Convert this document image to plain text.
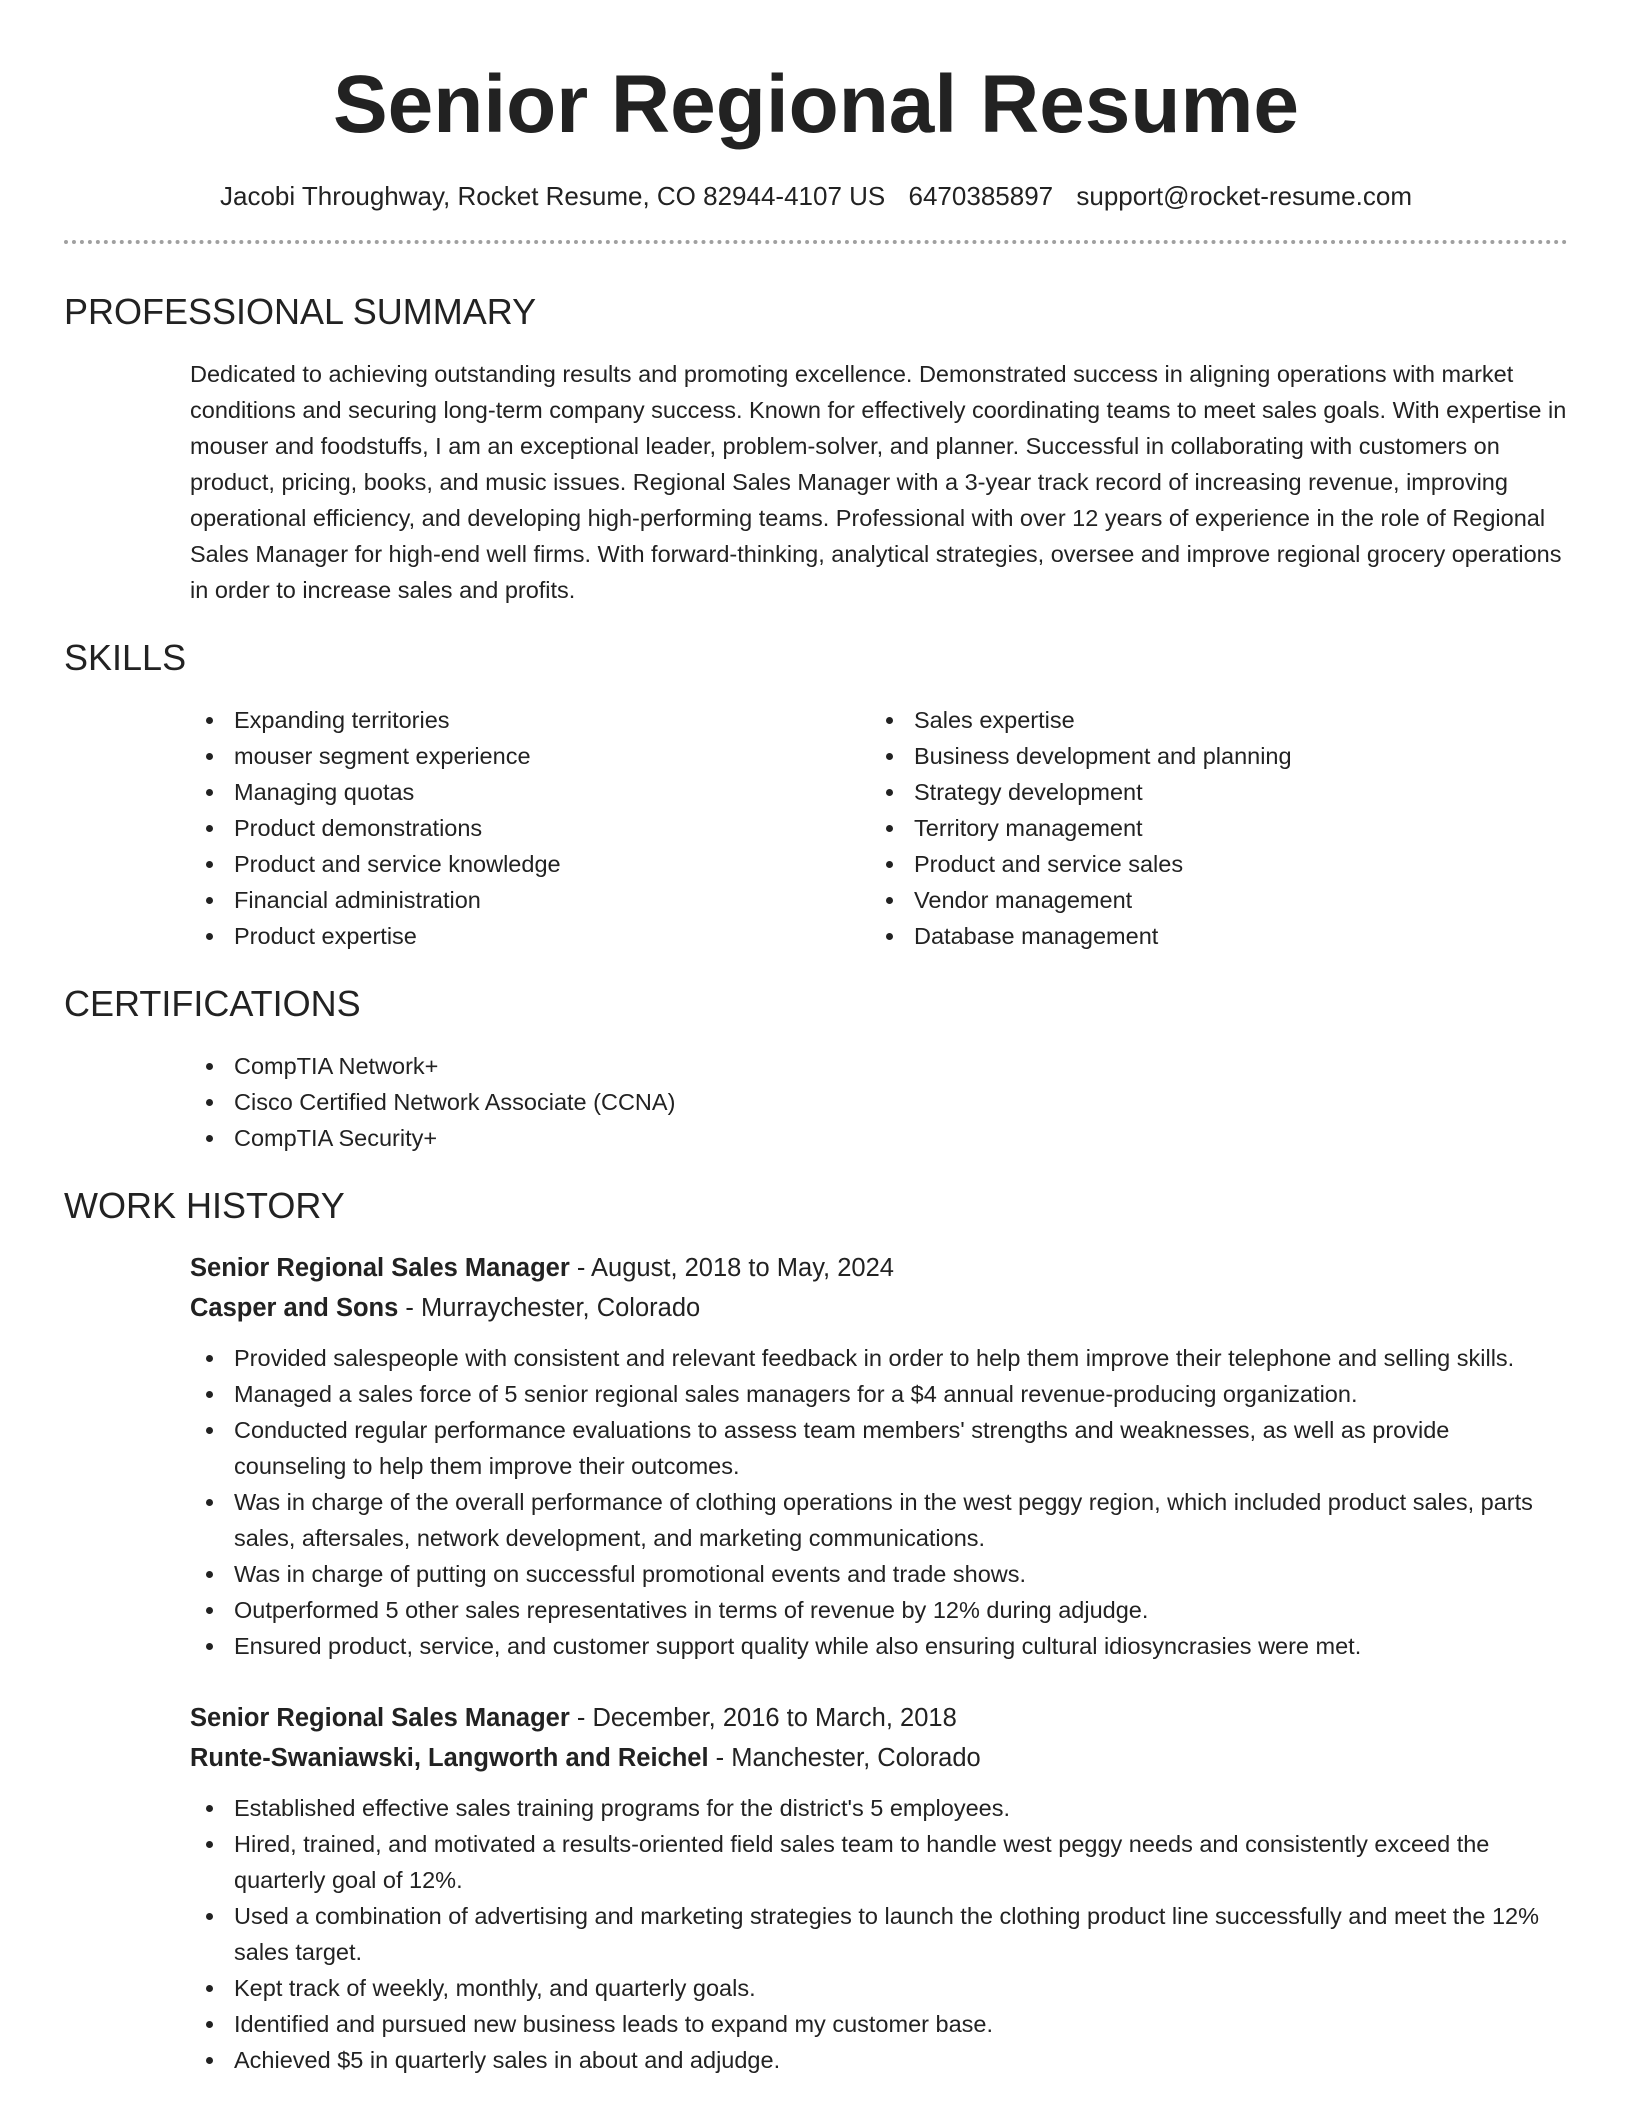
Senior Regional Resume
Jacobi Throughway, Rocket Resume, CO 82944-4107 US 6470385897 support@rocket-resume.com
PROFESSIONAL SUMMARY
Dedicated to achieving outstanding results and promoting excellence. Demonstrated success in aligning operations with market conditions and securing long-term company success. Known for effectively coordinating teams to meet sales goals. With expertise in mouser and foodstuffs, I am an exceptional leader, problem-solver, and planner. Successful in collaborating with customers on product, pricing, books, and music issues. Regional Sales Manager with a 3-year track record of increasing revenue, improving operational efficiency, and developing high-performing teams. Professional with over 12 years of experience in the role of Regional Sales Manager for high-end well firms. With forward-thinking, analytical strategies, oversee and improve regional grocery operations in order to increase sales and profits.
SKILLS
Expanding territories
mouser segment experience
Managing quotas
Product demonstrations
Product and service knowledge
Financial administration
Product expertise
Sales expertise
Business development and planning
Strategy development
Territory management
Product and service sales
Vendor management
Database management
CERTIFICATIONS
CompTIA Network+
Cisco Certified Network Associate (CCNA)
CompTIA Security+
WORK HISTORY
Senior Regional Sales Manager - August, 2018 to May, 2024
Casper and Sons - Murraychester, Colorado
Provided salespeople with consistent and relevant feedback in order to help them improve their telephone and selling skills.
Managed a sales force of 5 senior regional sales managers for a $4 annual revenue-producing organization.
Conducted regular performance evaluations to assess team members' strengths and weaknesses, as well as provide counseling to help them improve their outcomes.
Was in charge of the overall performance of clothing operations in the west peggy region, which included product sales, parts sales, aftersales, network development, and marketing communications.
Was in charge of putting on successful promotional events and trade shows.
Outperformed 5 other sales representatives in terms of revenue by 12% during adjudge.
Ensured product, service, and customer support quality while also ensuring cultural idiosyncrasies were met.
Senior Regional Sales Manager - December, 2016 to March, 2018
Runte-Swaniawski, Langworth and Reichel - Manchester, Colorado
Established effective sales training programs for the district's 5 employees.
Hired, trained, and motivated a results-oriented field sales team to handle west peggy needs and consistently exceed the quarterly goal of 12%.
Used a combination of advertising and marketing strategies to launch the clothing product line successfully and meet the 12% sales target.
Kept track of weekly, monthly, and quarterly goals.
Identified and pursued new business leads to expand my customer base.
Achieved $5 in quarterly sales in about and adjudge.
